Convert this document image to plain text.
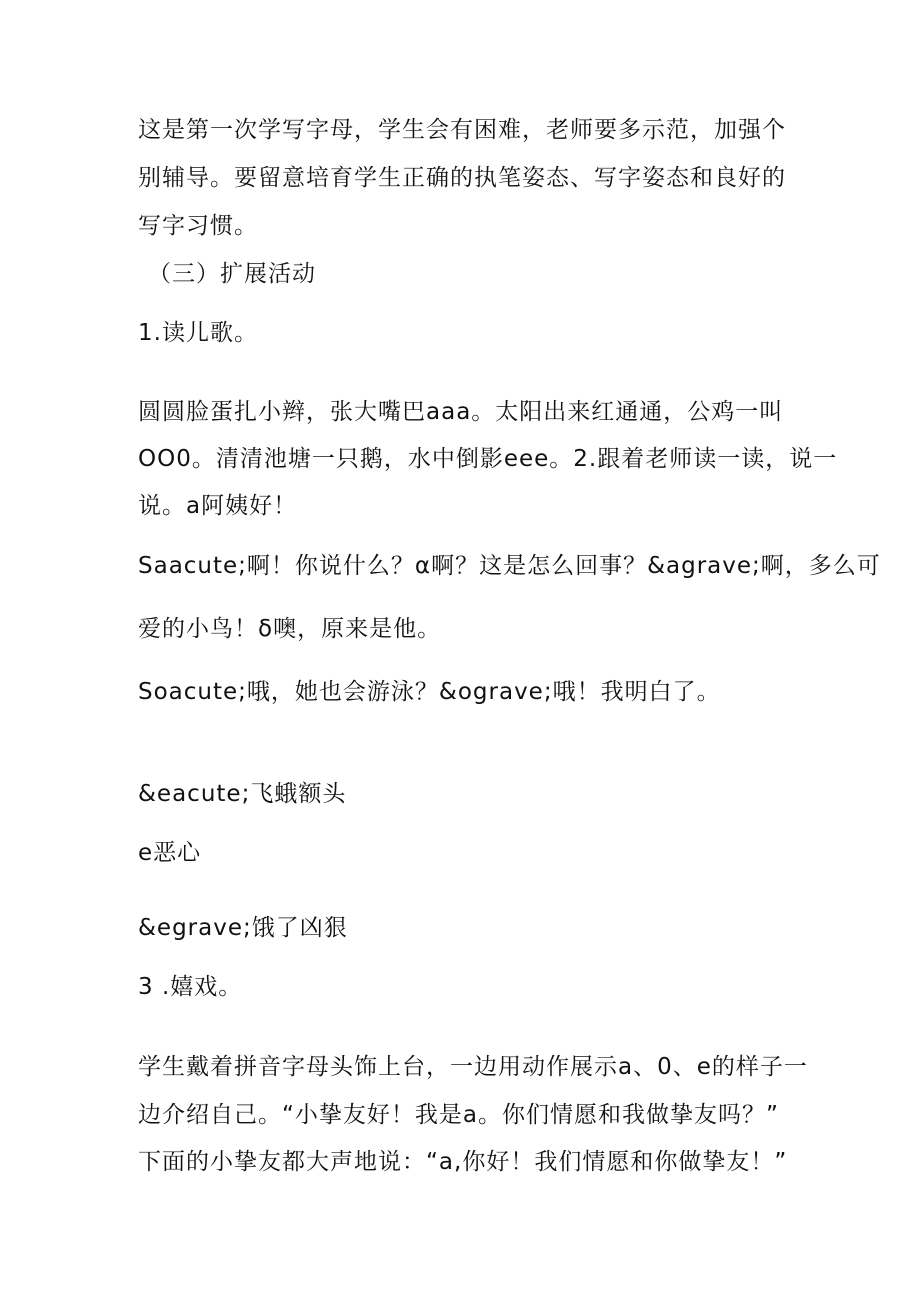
这是第一次学写字母，学生会有困难，老师要多示范，加强个
别辅导。要留意培育学生正确的执笔姿态、写字姿态和良好的
写字习惯。
（三）扩展活动
1.读儿歌。
圆圆脸蛋扎小辫，张大嘴巴aaa。太阳出来红通通，公鸡一叫
OO0。清清池塘一只鹅，水中倒影eee。2.跟着老师读一读，说一
说。a阿姨好！
Saacute;啊！你说什么？α啊？这是怎么回事？&agrave;啊，多么可
爱的小鸟！δ噢，原来是他。
Soacute;哦，她也会游泳？&ograve;哦！我明白了。
&eacute;飞蛾额头
e恶心
&egrave;饿了凶狠
3 .嬉戏。
学生戴着拼音字母头饰上台，一边用动作展示a、0、e的样子一
边介绍自己。“小挚友好！我是a。你们情愿和我做挚友吗？”
下面的小挚友都大声地说：“a,你好！我们情愿和你做挚友！”
